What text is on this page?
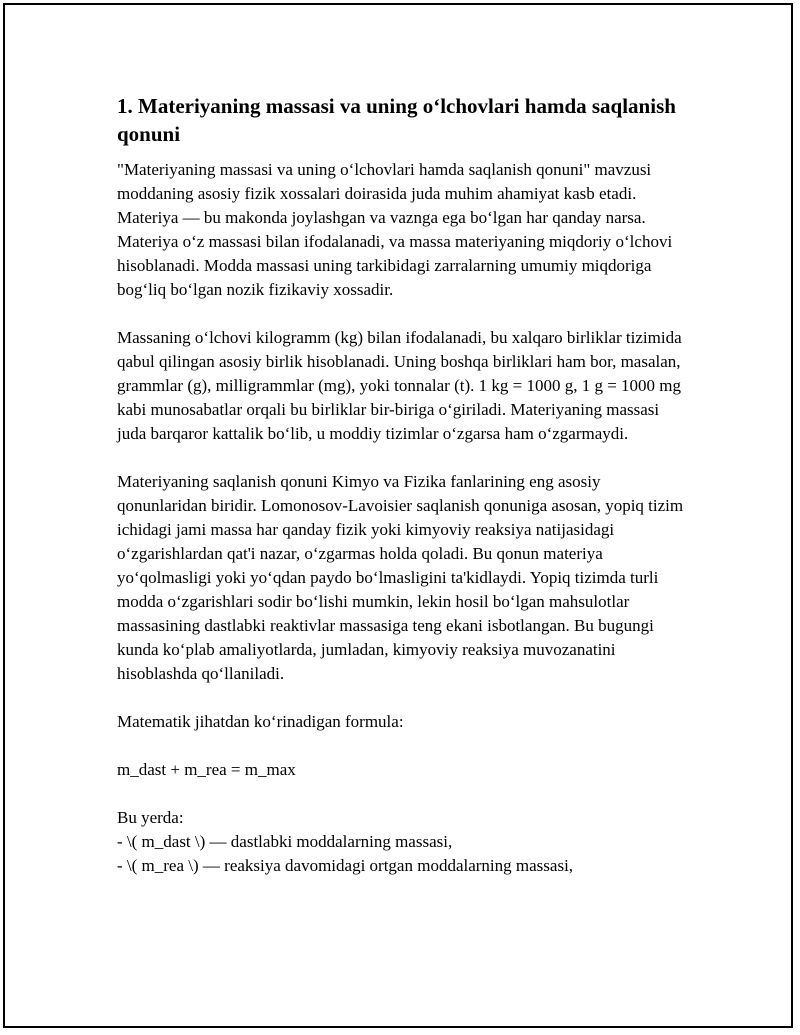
1. Materiyaning massasi va uning o‘lchovlari hamda saqlanish qonuni

"Materiyaning massasi va uning o‘lchovlari hamda saqlanish qonuni" mavzusi moddaning asosiy fizik xossalari doirasida juda muhim ahamiyat kasb etadi. Materiya — bu makonda joylashgan va vaznga ega bo‘lgan har qanday narsa. Materiya o‘z massasi bilan ifodalanadi, va massa materiyaning miqdoriy o‘lchovi hisoblanadi. Modda massasi uning tarkibidagi zarralarning umumiy miqdoriga bog‘liq bo‘lgan nozik fizikaviy xossadir.

Massaning o‘lchovi kilogramm (kg) bilan ifodalanadi, bu xalqaro birliklar tizimida qabul qilingan asosiy birlik hisoblanadi. Uning boshqa birliklari ham bor, masalan, grammlar (g), milligrammlar (mg), yoki tonnalar (t). 1 kg = 1000 g, 1 g = 1000 mg kabi munosabatlar orqali bu birliklar bir-biriga o‘giriladi. Materiyaning massasi juda barqaror kattalik bo‘lib, u moddiy tizimlar o‘zgarsa ham o‘zgarmaydi.

Materiyaning saqlanish qonuni Kimyo va Fizika fanlarining eng asosiy qonunlaridan biridir. Lomonosov-Lavoisier saqlanish qonuniga asosan, yopiq tizim ichidagi jami massa har qanday fizik yoki kimyoviy reaksiya natijasidagi o‘zgarishlardan qat'i nazar, o‘zgarmas holda qoladi. Bu qonun materiya yo‘qolmasligi yoki yo‘qdan paydo bo‘lmasligini ta'kidlaydi. Yopiq tizimda turli modda o‘zgarishlari sodir bo‘lishi mumkin, lekin hosil bo‘lgan mahsulotlar massasining dastlabki reaktivlar massasiga teng ekani isbotlangan. Bu bugungi kunda ko‘plab amaliyotlarda, jumladan, kimyoviy reaksiya muvozanatini hisoblashda qo‘llaniladi.

Matematik jihatdan ko‘rinadigan formula:

m_dast + m_rea = m_max

Bu yerda:

- \( m_dast \) — dastlabki moddalarning massasi,

- \( m_rea \) — reaksiya davomidagi ortgan moddalarning massasi,
